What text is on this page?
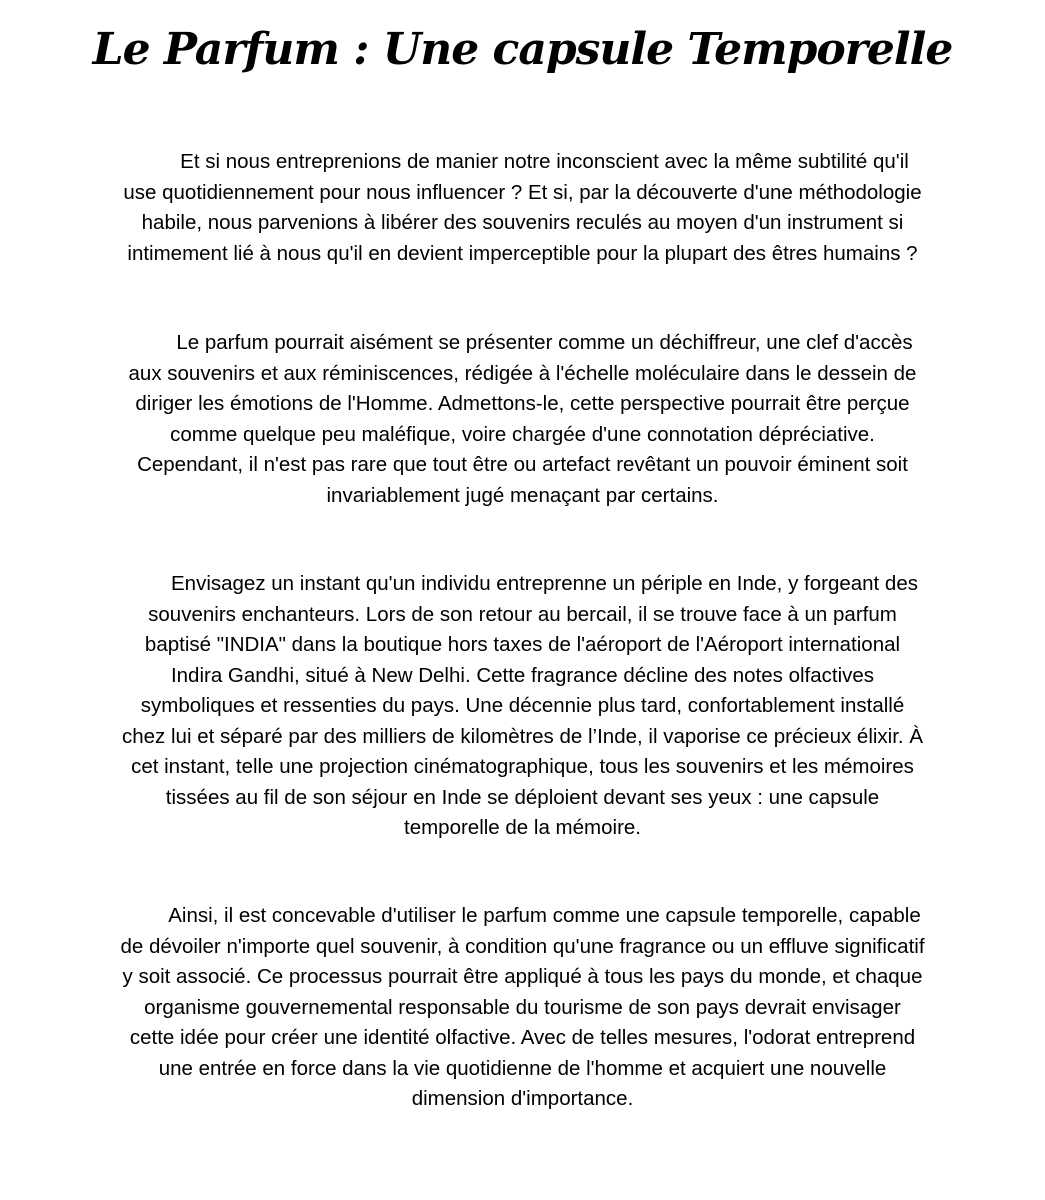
Le Parfum : Une capsule Temporelle

Et si nous entreprenions de manier notre inconscient avec la même subtilité qu'il use quotidiennement pour nous influencer ? Et si, par la découverte d'une méthodologie habile, nous parvenions à libérer des souvenirs reculés au moyen d'un instrument si intimement lié à nous qu'il en devient imperceptible pour la plupart des êtres humains ?

Le parfum pourrait aisément se présenter comme un déchiffreur, une clef d'accès aux souvenirs et aux réminiscences, rédigée à l'échelle moléculaire dans le dessein de diriger les émotions de l'Homme. Admettons-le, cette perspective pourrait être perçue comme quelque peu maléfique, voire chargée d'une connotation dépréciative. Cependant, il n'est pas rare que tout être ou artefact revêtant un pouvoir éminent soit invariablement jugé menaçant par certains.

Envisagez un instant qu'un individu entreprenne un périple en Inde, y forgeant des souvenirs enchanteurs. Lors de son retour au bercail, il se trouve face à un parfum baptisé "INDIA" dans la boutique hors taxes de l'aéroport de l'Aéroport international Indira Gandhi, situé à New Delhi. Cette fragrance décline des notes olfactives symboliques et ressenties du pays. Une décennie plus tard, confortablement installé chez lui et séparé par des milliers de kilomètres de l’Inde, il vaporise ce précieux élixir. À cet instant, telle une projection cinématographique, tous les souvenirs et les mémoires tissées au fil de son séjour en Inde se déploient devant ses yeux : une capsule temporelle de la mémoire.

Ainsi, il est concevable d'utiliser le parfum comme une capsule temporelle, capable de dévoiler n'importe quel souvenir, à condition qu'une fragrance ou un effluve significatif y soit associé. Ce processus pourrait être appliqué à tous les pays du monde, et chaque organisme gouvernemental responsable du tourisme de son pays devrait envisager cette idée pour créer une identité olfactive. Avec de telles mesures, l'odorat entreprend une entrée en force dans la vie quotidienne de l'homme et acquiert une nouvelle dimension d'importance.
